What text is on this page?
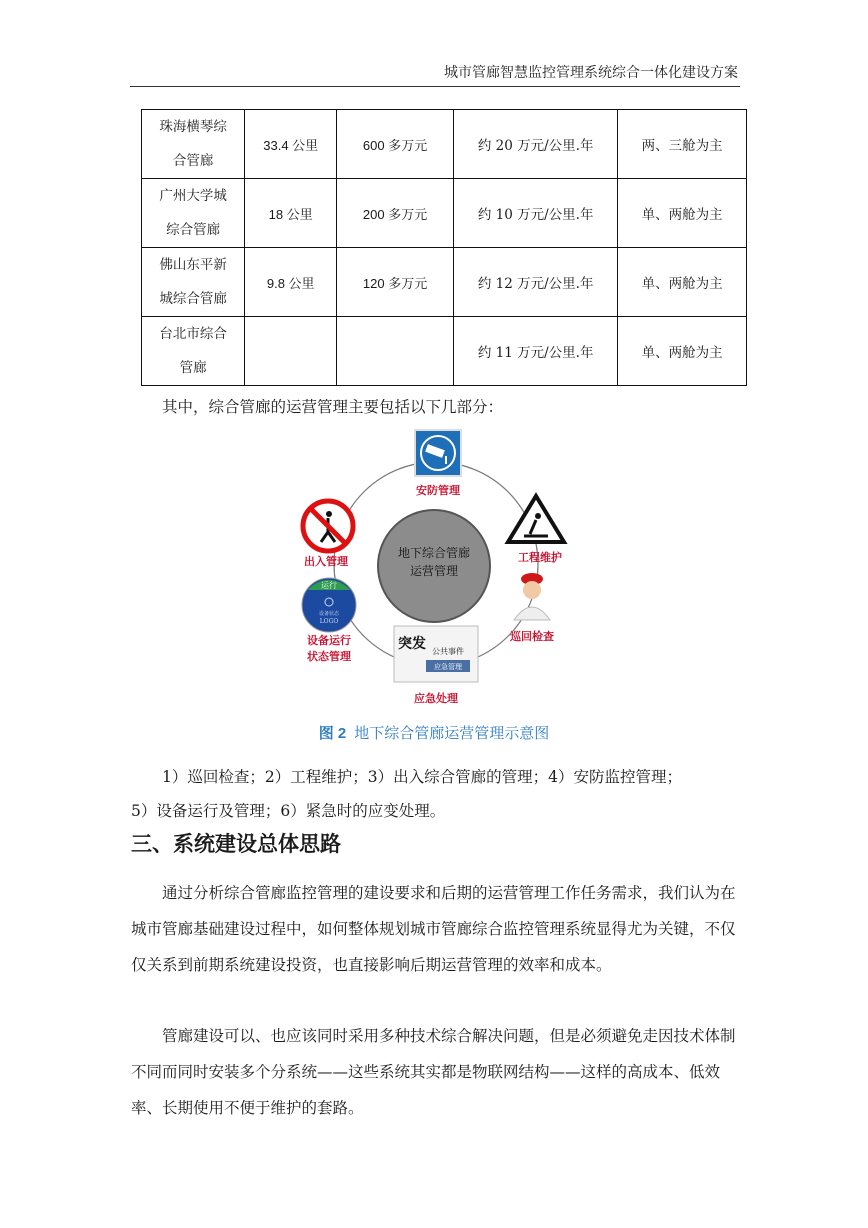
城市管廊智慧监控管理系统综合一体化建设方案
珠海横琴综
合管廊	33.4 公里	600 多万元	约 20 万元/公里.年	两、三舱为主

广州大学城
综合管廊	18 公里	200 多万元	约 10 万元/公里.年	单、两舱为主

佛山东平新
城综合管廊	9.8 公里	120 多万元	约 12 万元/公里.年	单、两舱为主

台北市综合
管廊			约 11 万元/公里.年	单、两舱为主
其中，综合管廊的运营管理主要包括以下几部分：
地下综合管廊
运营管理
安防管理
出入管理	工程维护
巡回检查
突发 公共事件
应急管理
应急处理
运行
设备状态
LOGO
设备运行
状态管理
图 2 地下综合管廊运营管理示意图
1）巡回检查；2）工程维护；3）出入综合管廊的管理；4）安防监控管理；
5）设备运行及管理；6）紧急时的应变处理。
三、系统建设总体思路
通过分析综合管廊监控管理的建设要求和后期的运营管理工作任务需求，我们认为在城市管廊基础建设过程中，如何整体规划城市管廊综合监控管理系统显得尤为关键，不仅仅关系到前期系统建设投资，也直接影响后期运营管理的效率和成本。
管廊建设可以、也应该同时采用多种技术综合解决问题，但是必须避免走因技术体制不同而同时安装多个分系统——这些系统其实都是物联网结构——这样的高成本、低效率、长期使用不便于维护的套路。
